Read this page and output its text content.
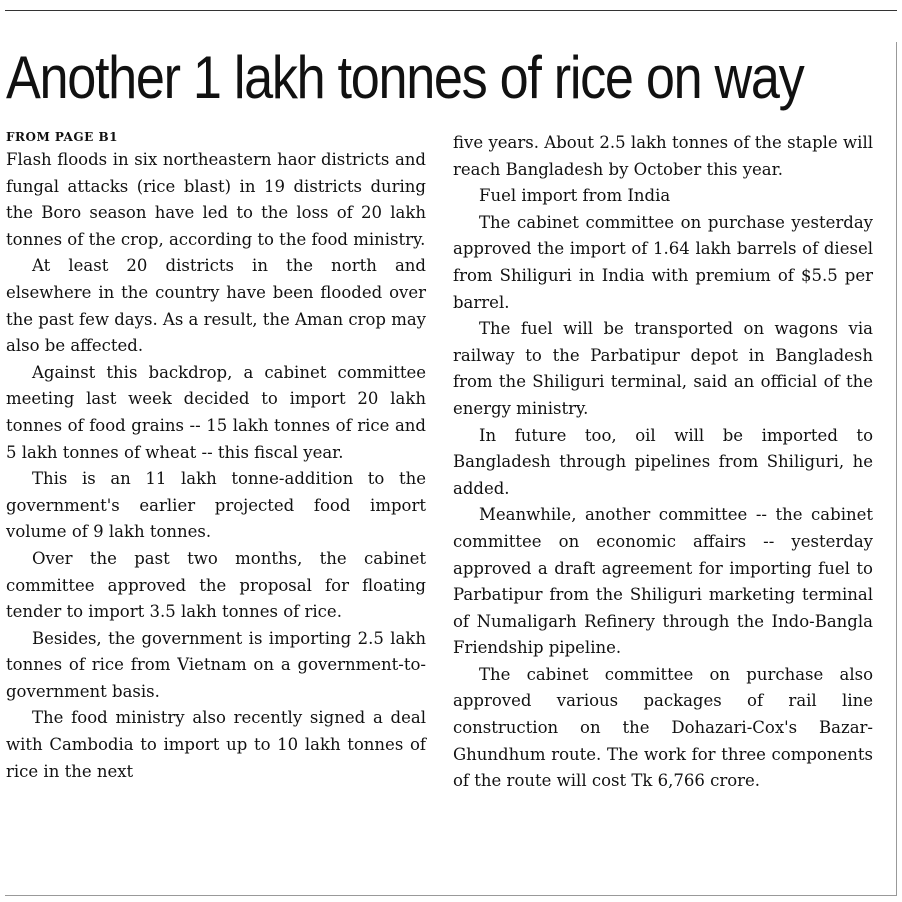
Another 1 lakh tonnes of rice on way
FROM PAGE B1

Flash floods in six northeastern haor districts and fungal attacks (rice blast) in 19 districts during the Boro season have led to the loss of 20 lakh tonnes of the crop, according to the food ministry.

At least 20 districts in the north and elsewhere in the country have been flooded over the past few days. As a result, the Aman crop may also be affected.

Against this backdrop, a cabinet committee meeting last week decided to import 20 lakh tonnes of food grains -- 15 lakh tonnes of rice and 5 lakh tonnes of wheat -- this fiscal year.

This is an 11 lakh tonne-addition to the government's earlier projected food import volume of 9 lakh tonnes.

Over the past two months, the cabinet committee approved the proposal for floating tender to import 3.5 lakh tonnes of rice.

Besides, the government is importing 2.5 lakh tonnes of rice from Vietnam on a government-to-government basis.

The food ministry also recently signed a deal with Cambodia to import up to 10 lakh tonnes of rice in the next

five years. About 2.5 lakh tonnes of the staple will reach Bangladesh by October this year.

Fuel import from India

The cabinet committee on purchase yesterday approved the import of 1.64 lakh barrels of diesel from Shiliguri in India with premium of $5.5 per barrel.

The fuel will be transported on wagons via railway to the Parbatipur depot in Bangladesh from the Shiliguri terminal, said an official of the energy ministry.

In future too, oil will be imported to Bangladesh through pipelines from Shiliguri, he added.

Meanwhile, another committee -- the cabinet committee on economic affairs -- yesterday approved a draft agreement for importing fuel to Parbatipur from the Shiliguri marketing terminal of Numaligarh Refinery through the Indo-Bangla Friendship pipeline.

The cabinet committee on purchase also approved various packages of rail line construction on the Dohazari-Cox's Bazar-Ghundhum route. The work for three components of the route will cost Tk 6,766 crore.
